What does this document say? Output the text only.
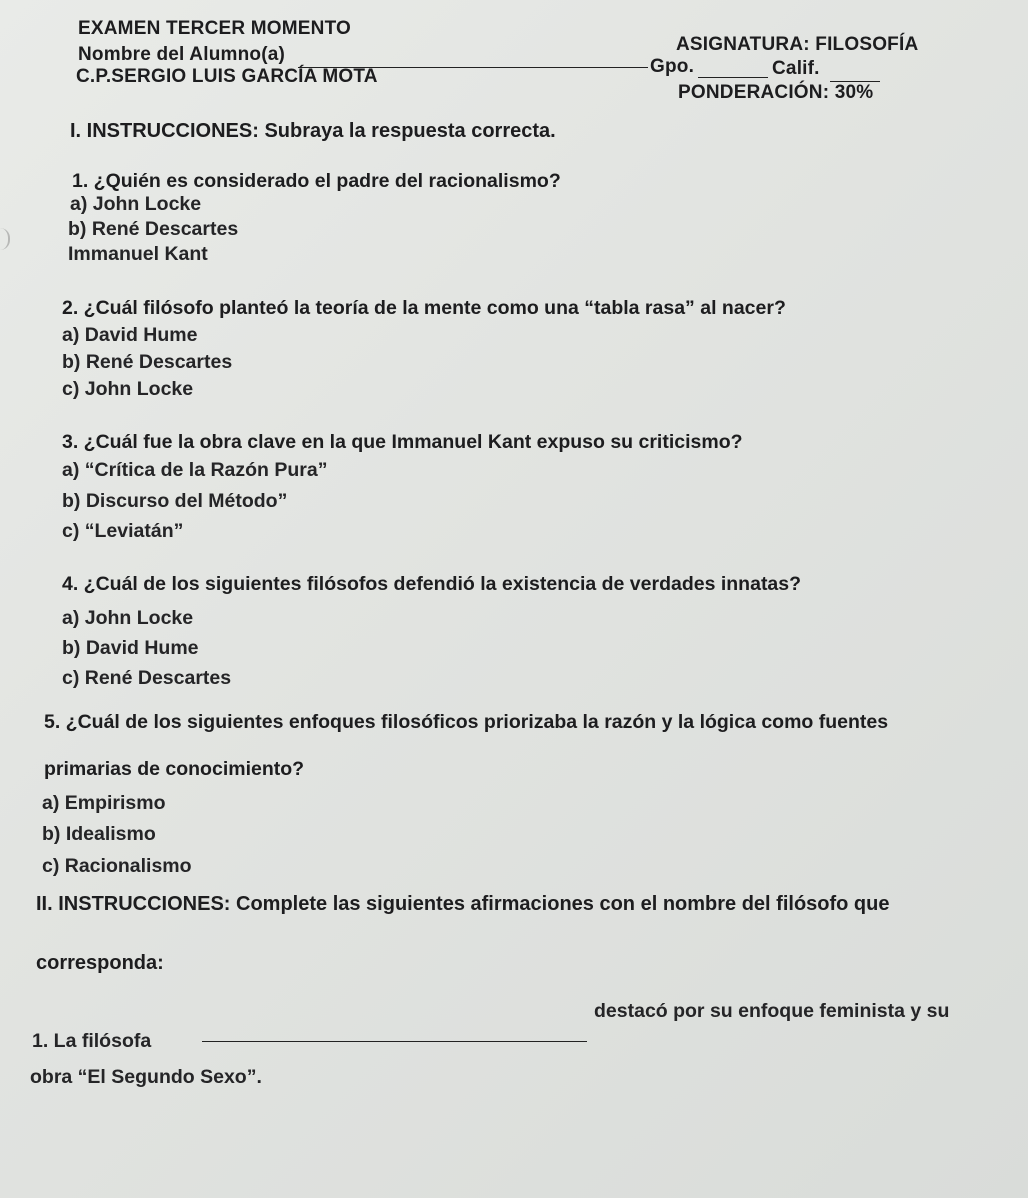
EXAMEN TERCER MOMENTO
ASIGNATURA: FILOSOFÍA
Nombre del Alumno(a)
Gpo.	Calif.
C.P.SERGIO LUIS GARCÍA MOTA
PONDERACIÓN: 30%
I. INSTRUCCIONES: Subraya la respuesta correcta.
1. ¿Quién es considerado el padre del racionalismo?
a) John Locke
b) René Descartes
Immanuel Kant
2. ¿Cuál filósofo planteó la teoría de la mente como una “tabla rasa” al nacer?
a) David Hume
b) René Descartes
c) John Locke
3. ¿Cuál fue la obra clave en la que Immanuel Kant expuso su criticismo?
a) “Crítica de la Razón Pura”
b) Discurso del Método”
c) “Leviatán”
4. ¿Cuál de los siguientes filósofos defendió la existencia de verdades innatas?
a) John Locke
b) David Hume
c) René Descartes
5. ¿Cuál de los siguientes enfoques filosóficos priorizaba la razón y la lógica como fuentes
primarias de conocimiento?
a) Empirismo
b) Idealismo
c) Racionalismo
II. INSTRUCCIONES: Complete las siguientes afirmaciones con el nombre del filósofo que
corresponda:
1. La filósofa
destacó por su enfoque feminista y su
obra “El Segundo Sexo”.
